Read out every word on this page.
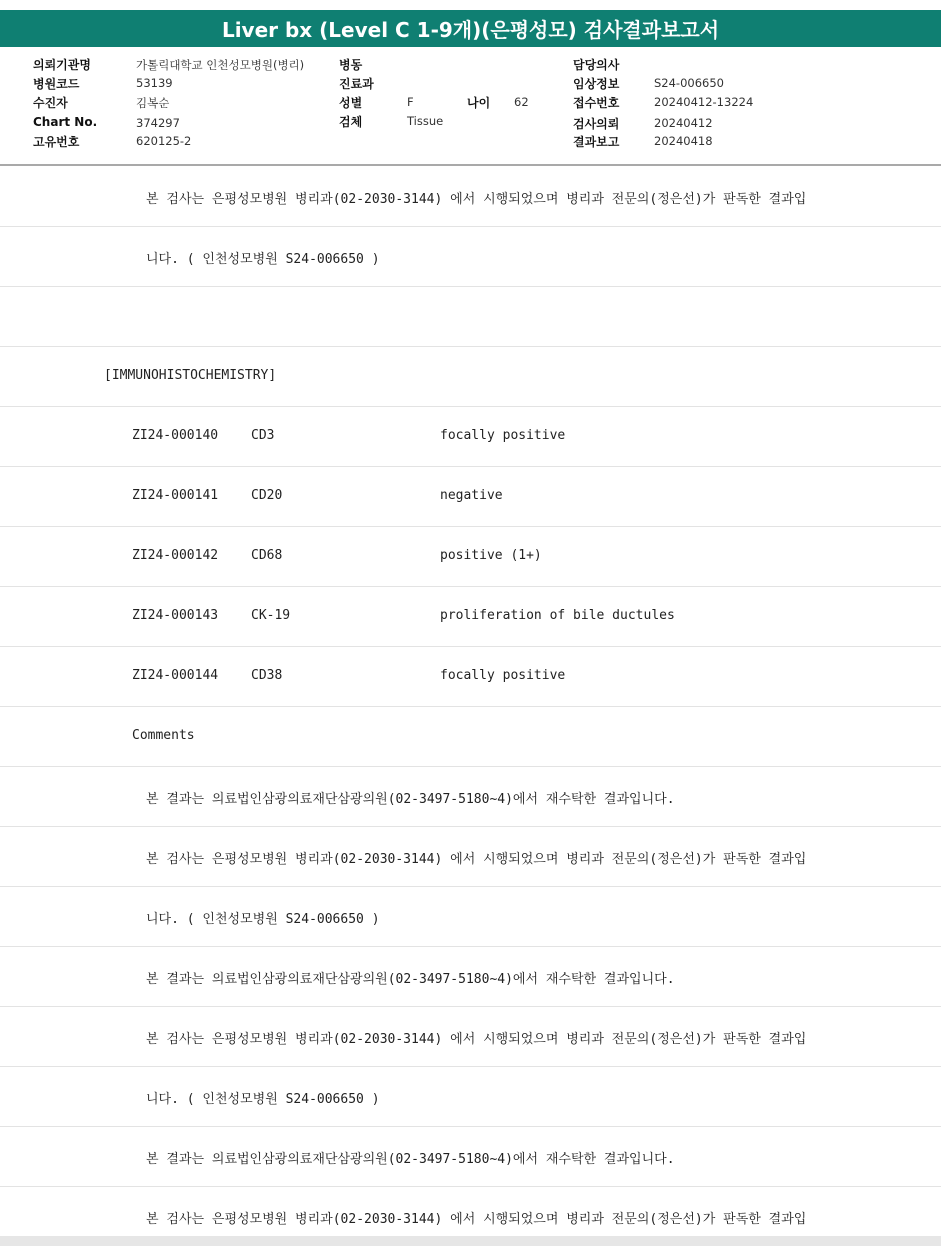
Liver bx (Level C 1-9개)(은평성모) 검사결과보고서
의뢰기관명	가톨릭대학교 인천성모병원(병리)
병원코드	53139
수진자	김복순
Chart No.	374297
고유번호	620125-2
병동
진료과
성별	F	나이 62
검체	Tissue
담당의사
임상정보	S24-006650
접수번호	20240412-13224
검사의뢰	20240412
결과보고	20240418
본 검사는 은평성모병원 병리과(02-2030-3144) 에서 시행되었으며 병리과 전문의(정은선)가 판독한 결과입
니다. ( 인천성모병원 S24-006650 )
[IMMUNOHISTOCHEMISTRY]
ZI24-000140	CD3	focally positive
ZI24-000141	CD20	negative
ZI24-000142	CD68	positive (1+)
ZI24-000143	CK-19	proliferation of bile ductules
ZI24-000144	CD38	focally positive
Comments
본 결과는 의료법인삼광의료재단삼광의원(02-3497-5180~4)에서 재수탁한 결과입니다.
본 검사는 은평성모병원 병리과(02-2030-3144) 에서 시행되었으며 병리과 전문의(정은선)가 판독한 결과입
니다. ( 인천성모병원 S24-006650 )
본 결과는 의료법인삼광의료재단삼광의원(02-3497-5180~4)에서 재수탁한 결과입니다.
본 검사는 은평성모병원 병리과(02-2030-3144) 에서 시행되었으며 병리과 전문의(정은선)가 판독한 결과입
니다. ( 인천성모병원 S24-006650 )
본 결과는 의료법인삼광의료재단삼광의원(02-3497-5180~4)에서 재수탁한 결과입니다.
본 검사는 은평성모병원 병리과(02-2030-3144) 에서 시행되었으며 병리과 전문의(정은선)가 판독한 결과입
